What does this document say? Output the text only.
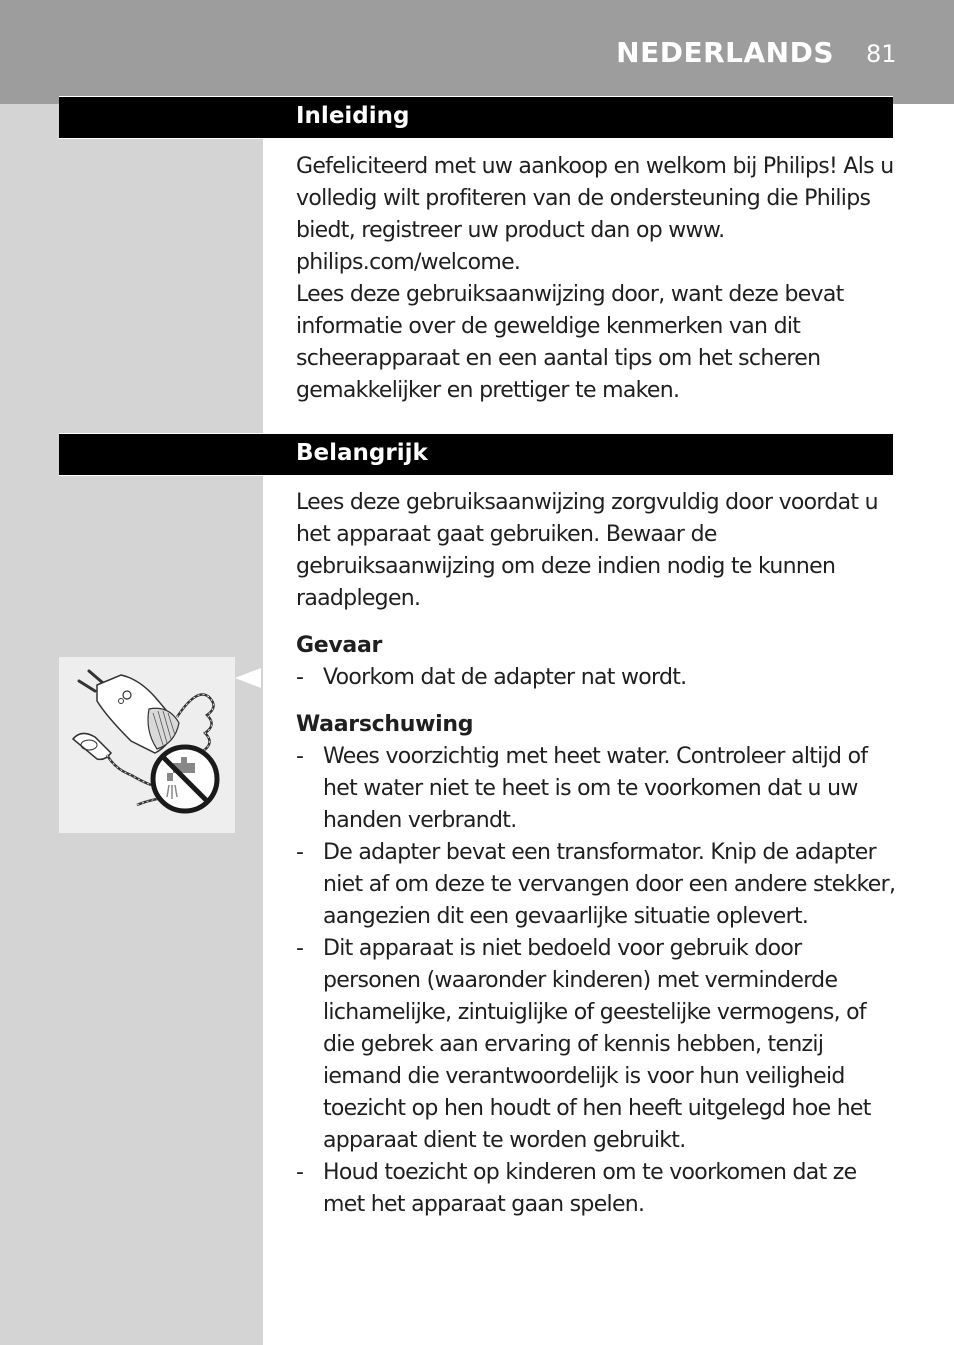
NEDERLANDS 81
Inleiding

Gefeliciteerd met uw aankoop en welkom bij Philips! Als u volledig wilt profiteren van de ondersteuning die Philips biedt, registreer uw product dan op www. philips.com/welcome.

Lees deze gebruiksaanwijzing door, want deze bevat informatie over de geweldige kenmerken van dit scheerapparaat en een aantal tips om het scheren gemakkelijker en prettiger te maken.

Belangrijk

Lees deze gebruiksaanwijzing zorgvuldig door voordat u het apparaat gaat gebruiken. Bewaar de gebruiksaanwijzing om deze indien nodig te kunnen raadplegen.

Gevaar
- Voorkom dat de adapter nat wordt.
Waarschuwing
- Wees voorzichtig met heet water. Controleer altijd of het water niet te heet is om te voorkomen dat u uw handen verbrandt.
- De adapter bevat een transformator. Knip de adapter niet af om deze te vervangen door een andere stekker, aangezien dit een gevaarlijke situatie oplevert.
- Dit apparaat is niet bedoeld voor gebruik door personen (waaronder kinderen) met verminderde lichamelijke, zintuiglijke of geestelijke vermogens, of die gebrek aan ervaring of kennis hebben, tenzij iemand die verantwoordelijk is voor hun veiligheid toezicht op hen houdt of hen heeft uitgelegd hoe het apparaat dient te worden gebruikt.
- Houd toezicht op kinderen om te voorkomen dat ze met het apparaat gaan spelen.
